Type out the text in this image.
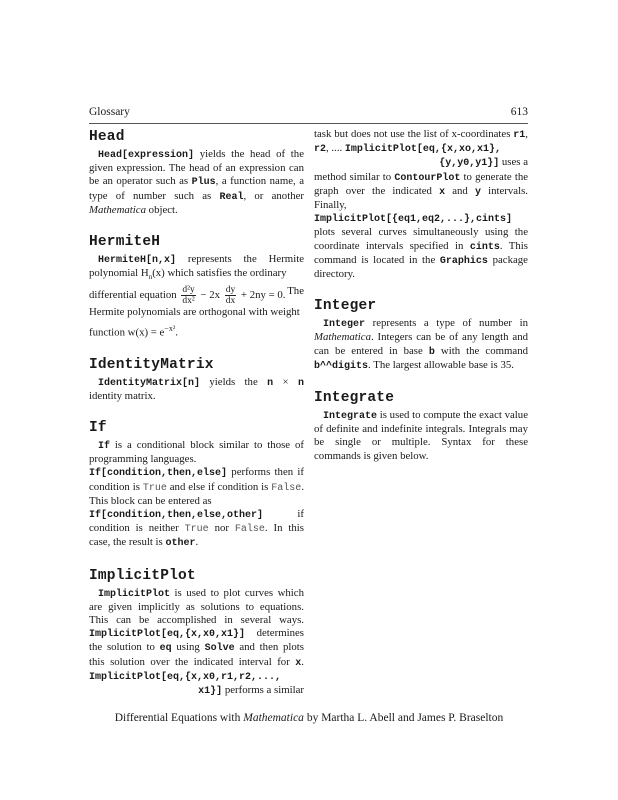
Glossary	613
Head

Head[expression] yields the head of the given expression. The head of an expression can be an operator such as Plus, a function name, a type of number such as Real, or another Mathematica object.

HermiteH

HermiteH[n,x] represents the Hermite polynomial $H_n(x)$ which satisfies the ordinary

differential equation $\frac{\text{d²y}}{\text{dx²}} - 2x \frac{dy}{dx} + 2ny = 0$. The

Hermite polynomials are orthogonal with weight

function $w(x) = e^{-x^2}$.

IdentityMatrix

IdentityMatrix[n] yields the n × n identity matrix.

If

If is a conditional block similar to those of programming languages.

If[condition,then,else] performs then if condition is True and else if condition is False. This block can be entered as

If[condition,then,else,other] if condition is neither True nor False. In this case, the result is other.

ImplicitPlot

ImplicitPlot is used to plot curves which are given implicitly as solutions to equations. This can be accomplished in several ways. ImplicitPlot[eq,{x,x0,x1}] determines the solution to eq using Solve and then plots this solution over the indicated interval for x. ImplicitPlot[eq,{x,x0,r1,r2,...,

x1}] performs a similar

task but does not use the list of x-coordinates r1, r2, .... ImplicitPlot[eq,{x,xo,x1},

{y,y0,y1}] uses a

method similar to ContourPlot to generate the graph over the indicated x and y intervals. Finally, ImplicitPlot[{eq1,eq2,...},cints] plots several curves simultaneously using the coordinate intervals specified in cints. This command is located in the Graphics package directory.

Integer

Integer represents a type of number in Mathematica. Integers can be of any length and can be entered in base b with the command b^^digits. The largest allowable base is 35.

Integrate

Integrate is used to compute the exact value of definite and indefinite integrals. Integrals may be single or multiple. Syntax for these commands is given below.

Differential Equations with Mathematica by Martha L. Abell and James P. Braselton
